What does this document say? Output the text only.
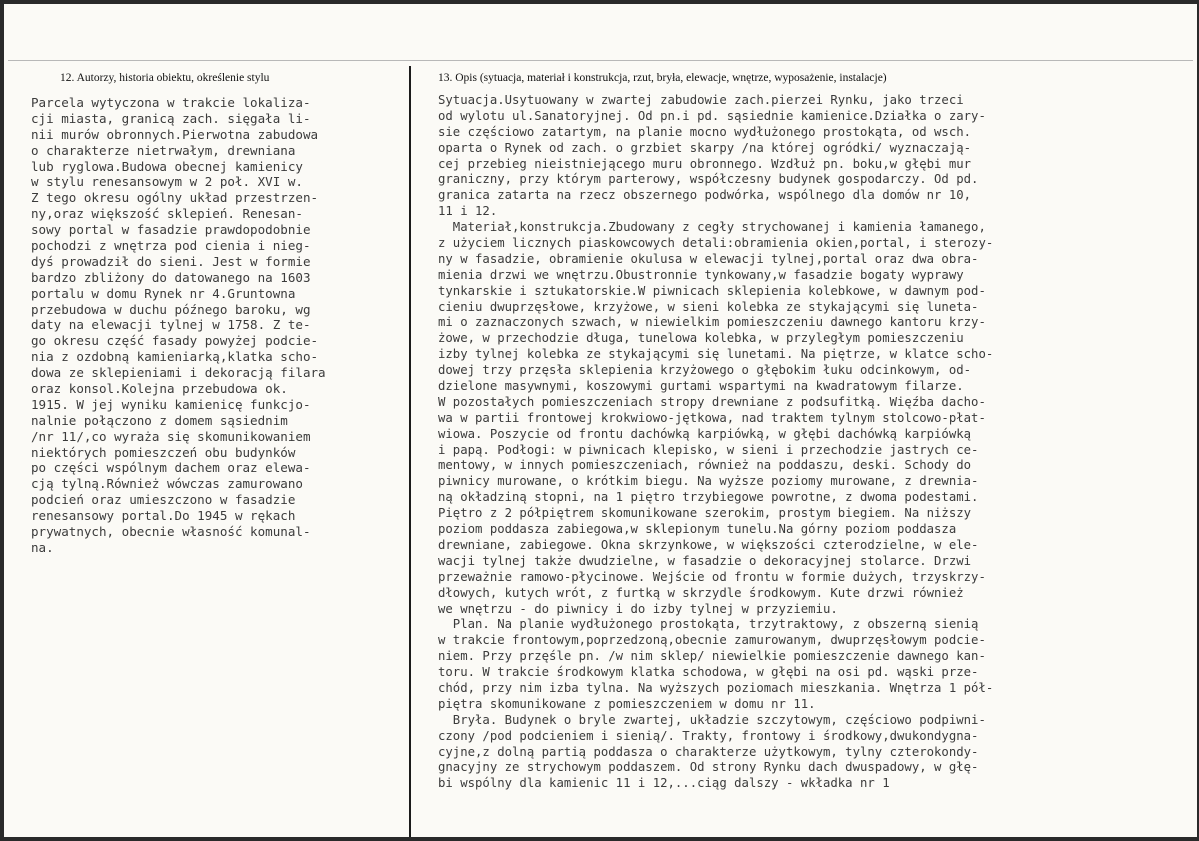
12. Autorzy, historia obiektu, określenie stylu	13. Opis (sytuacja, materiał i konstrukcja, rzut, bryła, elewacje, wnętrze, wyposażenie, instalacje)
Parcela wytyczona w trakcie lokaliza-
cji miasta, granicą zach. sięgała li-
nii murów obronnych.Pierwotna zabudowa
o charakterze nietrwałym, drewniana
lub ryglowa.Budowa obecnej kamienicy
w stylu renesansowym w 2 poł. XVI w.
Z tego okresu ogólny układ przestrzen-
ny,oraz większość sklepień. Renesan-
sowy portal w fasadzie prawdopodobnie
pochodzi z wnętrza pod cienia i nieg-
dyś prowadził do sieni. Jest w formie
bardzo zbliżony do datowanego na 1603
portalu w domu Rynek nr 4.Gruntowna
przebudowa w duchu późnego baroku, wg
daty na elewacji tylnej w 1758. Z te-
go okresu część fasady powyżej podcie-
nia z ozdobną kamieniarką,klatka scho-
dowa ze sklepieniami i dekoracją filara
oraz konsol.Kolejna przebudowa ok.
1915. W jej wyniku kamienicę funkcjo-
nalnie połączono z domem sąsiednim
/nr 11/,co wyraża się skomunikowaniem
niektórych pomieszczeń obu budynków
po części wspólnym dachem oraz elewa-
cją tylną.Również wówczas zamurowano
podcień oraz umieszczono w fasadzie
renesansowy portal.Do 1945 w rękach
prywatnych, obecnie własność komunal-
na.
Sytuacja.Usytuowany w zwartej zabudowie zach.pierzei Rynku, jako trzeci
od wylotu ul.Sanatoryjnej. Od pn.i pd. sąsiednie kamienice.Działka o zary-
sie częściowo zatartym, na planie mocno wydłużonego prostokąta, od wsch.
oparta o Rynek od zach. o grzbiet skarpy /na której ogródki/ wyznaczają-
cej przebieg nieistniejącego muru obronnego. Wzdłuż pn. boku,w głębi mur
graniczny, przy którym parterowy, współczesny budynek gospodarczy. Od pd.
granica zatarta na rzecz obszernego podwórka, wspólnego dla domów nr 10,
11 i 12.
Materiał,konstrukcja.Zbudowany z cegły strychowanej i kamienia łamanego,
z użyciem licznych piaskowcowych detali:obramienia okien,portal, i sterozy-
ny w fasadzie, obramienie okulusa w elewacji tylnej,portal oraz dwa obra-
mienia drzwi we wnętrzu.Obustronnie tynkowany,w fasadzie bogaty wyprawy
tynkarskie i sztukatorskie.W piwnicach sklepienia kolebkowe, w dawnym pod-
cieniu dwuprzęsłowe, krzyżowe, w sieni kolebka ze stykającymi się luneta-
mi o zaznaczonych szwach, w niewielkim pomieszczeniu dawnego kantoru krzy-
żowe, w przechodzie długa, tunelowa kolebka, w przyległym pomieszczeniu
izby tylnej kolebka ze stykającymi się lunetami. Na piętrze, w klatce scho-
dowej trzy przęsła sklepienia krzyżowego o głębokim łuku odcinkowym, od-
dzielone masywnymi, koszowymi gurtami wspartymi na kwadratowym filarze.
W pozostałych pomieszczeniach stropy drewniane z podsufitką. Więźba dacho-
wa w partii frontowej krokwiowo-jętkowa, nad traktem tylnym stolcowo-płat-
wiowa. Poszycie od frontu dachówką karpiówką, w głębi dachówką karpiówką
i papą. Podłogi: w piwnicach klepisko, w sieni i przechodzie jastrych ce-
mentowy, w innych pomieszczeniach, również na poddaszu, deski. Schody do
piwnicy murowane, o krótkim biegu. Na wyższe poziomy murowane, z drewnia-
ną okładziną stopni, na 1 piętro trzybiegowe powrotne, z dwoma podestami.
Piętro z 2 półpiętrem skomunikowane szerokim, prostym biegiem. Na niższy
poziom poddasza zabiegowa,w sklepionym tunelu.Na górny poziom poddasza
drewniane, zabiegowe. Okna skrzynkowe, w większości czterodzielne, w ele-
wacji tylnej także dwudzielne, w fasadzie o dekoracyjnej stolarce. Drzwi
przeważnie ramowo-płycinowe. Wejście od frontu w formie dużych, trzyskrzy-
dłowych, kutych wrót, z furtką w skrzydle środkowym. Kute drzwi również
we wnętrzu - do piwnicy i do izby tylnej w przyziemiu.
Plan. Na planie wydłużonego prostokąta, trzytraktowy, z obszerną sienią
w trakcie frontowym,poprzedzoną,obecnie zamurowanym, dwuprzęsłowym podcie-
niem. Przy przęśle pn. /w nim sklep/ niewielkie pomieszczenie dawnego kan-
toru. W trakcie środkowym klatka schodowa, w głębi na osi pd. wąski prze-
chód, przy nim izba tylna. Na wyższych poziomach mieszkania. Wnętrza 1 pół-
piętra skomunikowane z pomieszczeniem w domu nr 11.
Bryła. Budynek o bryle zwartej, układzie szczytowym, częściowo podpiwni-
czony /pod podcieniem i sienią/. Trakty, frontowy i środkowy,dwukondygna-
cyjne,z dolną partią poddasza o charakterze użytkowym, tylny czterokondy-
gnacyjny ze strychowym poddaszem. Od strony Rynku dach dwuspadowy, w głę-
bi wspólny dla kamienic 11 i 12,...ciąg dalszy - wkładka nr 1
